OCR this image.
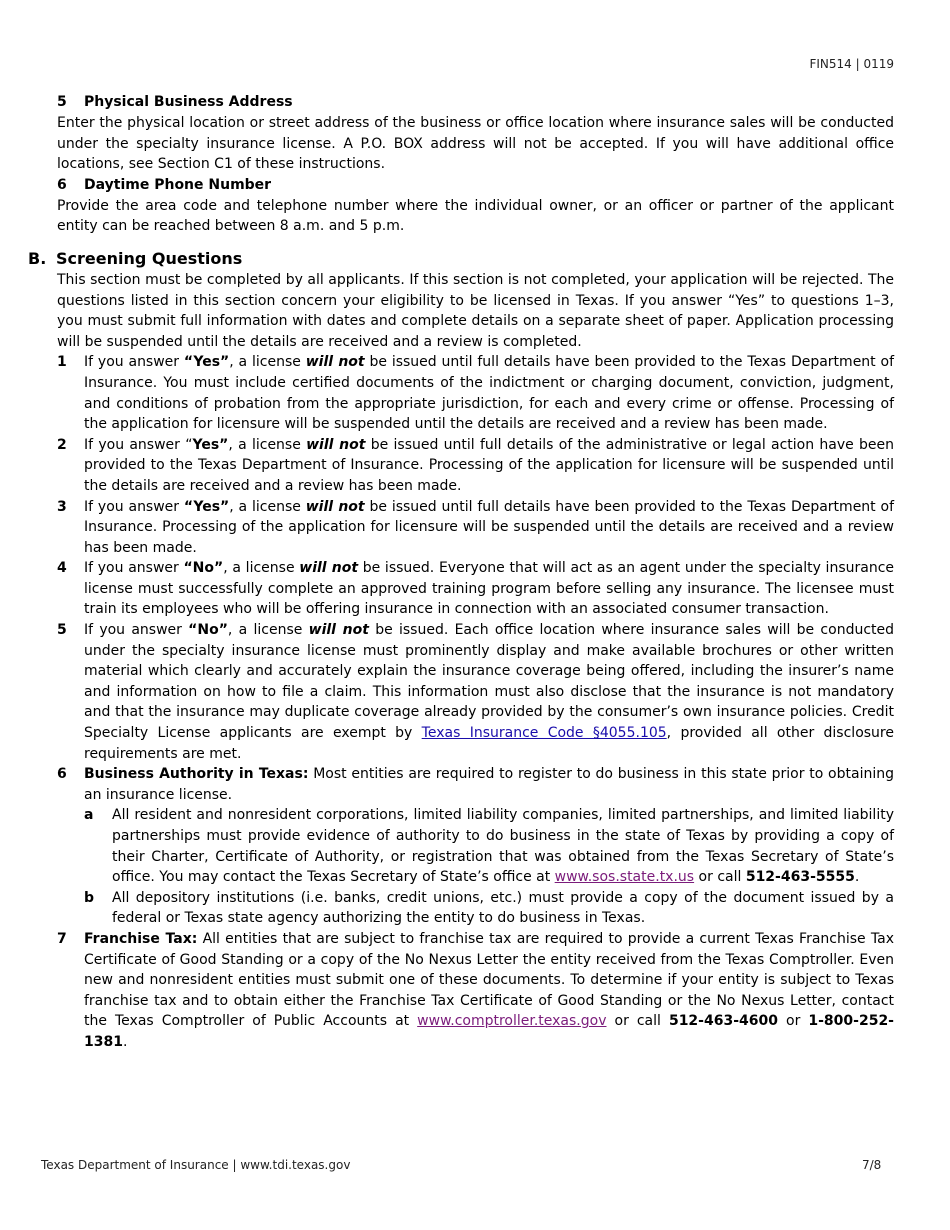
FIN514 | 0119
5 Physical Business Address

Enter the physical location or street address of the business or office location where insurance sales will be conducted under the specialty insurance license. A P.O. BOX address will not be accepted. If you will have additional office locations, see Section C1 of these instructions.

6 Daytime Phone Number

Provide the area code and telephone number where the individual owner, or an officer or partner of the applicant entity can be reached between 8 a.m. and 5 p.m.

B. Screening Questions

This section must be completed by all applicants. If this section is not completed, your application will be rejected. The questions listed in this section concern your eligibility to be licensed in Texas. If you answer “Yes” to questions 1–3, you must submit full information with dates and complete details on a separate sheet of paper. Application processing will be suspended until the details are received and a review is completed.

1 If you answer “Yes”, a license will not be issued until full details have been provided to the Texas Department of Insurance. You must include certified documents of the indictment or charging document, conviction, judgment, and conditions of probation from the appropriate jurisdiction, for each and every crime or offense. Processing of the application for licensure will be suspended until the details are received and a review has been made.
2 If you answer “Yes”, a license will not be issued until full details of the administrative or legal action have been provided to the Texas Department of Insurance. Processing of the application for licensure will be suspended until the details are received and a review has been made.
3 If you answer “Yes”, a license will not be issued until full details have been provided to the Texas Department of Insurance. Processing of the application for licensure will be suspended until the details are received and a review has been made.
4 If you answer “No”, a license will not be issued. Everyone that will act as an agent under the specialty insurance license must successfully complete an approved training program before selling any insurance. The licensee must train its employees who will be offering insurance in connection with an associated consumer transaction.
5 If you answer “No”, a license will not be issued. Each office location where insurance sales will be conducted under the specialty insurance license must prominently display and make available brochures or other written material which clearly and accurately explain the insurance coverage being offered, including the insurer’s name and information on how to file a claim. This information must also disclose that the insurance is not mandatory and that the insurance may duplicate coverage already provided by the consumer’s own insurance policies. Credit Specialty License applicants are exempt by Texas Insurance Code §4055.105, provided all other disclosure requirements are met.
6 Business Authority in Texas: Most entities are required to register to do business in this state prior to obtaining an insurance license.
a All resident and nonresident corporations, limited liability companies, limited partnerships, and limited liability partnerships must provide evidence of authority to do business in the state of Texas by providing a copy of their Charter, Certificate of Authority, or registration that was obtained from the Texas Secretary of State’s office. You may contact the Texas Secretary of State’s office at www.sos.state.tx.us or call 512-463-5555.
b All depository institutions (i.e. banks, credit unions, etc.) must provide a copy of the document issued by a federal or Texas state agency authorizing the entity to do business in Texas.
7 Franchise Tax: All entities that are subject to franchise tax are required to provide a current Texas Franchise Tax Certificate of Good Standing or a copy of the No Nexus Letter the entity received from the Texas Comptroller. Even new and nonresident entities must submit one of these documents. To determine if your entity is subject to Texas franchise tax and to obtain either the Franchise Tax Certificate of Good Standing or the No Nexus Letter, contact the Texas Comptroller of Public Accounts at www.comptroller.texas.gov or call 512-463-4600 or 1-800-252-1381.
Texas Department of Insurance | www.tdi.texas.gov	7/8
